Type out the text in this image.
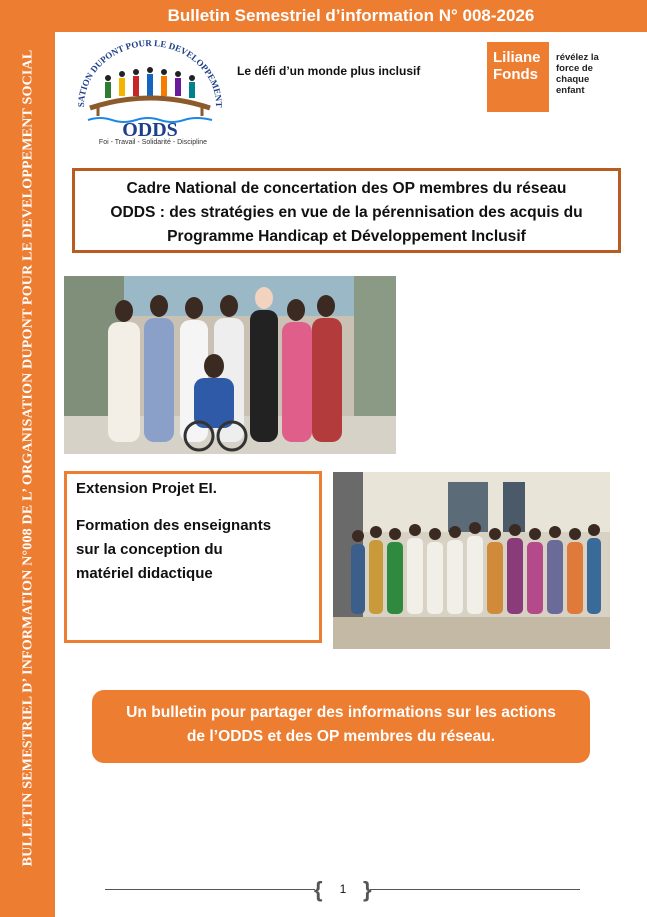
BULLETIN SEMESTRIEL D’ INFORMATION N°008 DE L’ ORGANISATION DUPONT POUR LE DEVELOPPEMENT SOCIAL
Bulletin Semestriel d’information N° 008-2026
SATION DUPONT POUR LE DEVELOPPEMENT
ODDS
Foi - Travail - Solidarité - Discipline
Le défi d’un monde plus inclusif
Liliane
Fonds
révélez la
force de
chaque
enfant
Cadre National de concertation des OP membres du réseau
ODDS : des stratégies en vue de la pérennisation des acquis du
Programme Handicap et Développement Inclusif
Extension Projet EI.
Formation des enseignants
sur la conception du
matériel didactique
Un bulletin pour partager des informations sur les actions
de l’ODDS et des OP membres du réseau.
{ }
1
